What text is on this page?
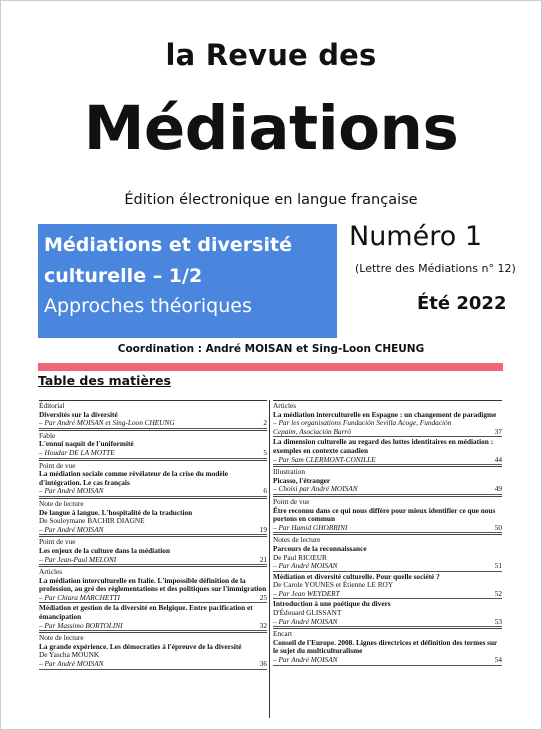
la Revue des
Médiations
Édition électronique en langue française
Médiations et diversité
culturelle – 1/2
Approches théoriques
Numéro 1
(Lettre des Médiations n° 12)
Été 2022
Coordination : André MOISAN et Sing-Loon CHEUNG
Table des matières
Éditorial
Diversités sur la diversité
– Par André MOISAN et Sing-Loon CHEUNG	2
Fable
L'ennui naquit de l'uniformité
– Houdar DE LA MOTTE	5
Point de vue
La médiation sociale comme révélateur de la crise du modèle d'intégration. Le cas français
– Par André MOISAN	6
Note de lecture
De langue à langue. L'hospitalité de la traduction
De Souleymane BACHIR DIAGNE
– Par André MOISAN	19
Point de vue
Les enjeux de la culture dans la médiation
– Par Jean-Paul MELONI	21
Articles
La médiation interculturelle en Italie. L'impossible définition de la profession, au gré des réglementations et des politiques sur l'immigration
– Par Chiara MARCHETTI	25
Médiation et gestion de la diversité en Belgique. Entre pacification et émancipation
– Par Massimo BORTOLINI	32
Note de lecture
La grande expérience. Les démocraties à l'épreuve de la diversité
De Yascha MOUNK
– Par André MOISAN	36
Articles
La médiation interculturelle en Espagne : un changement de paradigme
– Par les organisations Fundación Sevilla Acoge, Fundación Cepaim, Asociación Barró	37
La dimension culturelle au regard des luttes identitaires en médiation : exemples en contexte canadien
– Par Sam CLERMONT-CONILLE	44
Illustration
Picasso, l'étranger
– Choisi par André MOISAN	49
Point de vue
Être reconnu dans ce qui nous diffère pour mieux identifier ce que nous portons en commun
– Par Hamid GHOBRINI	50
Notes de lecture
Parcours de la reconnaissance
De Paul RICŒUR
– Par André MOISAN	51
Médiation et diversité culturelle. Pour quelle société ?
De Carole YOUNES et Étienne LE ROY
– Par Jean WEYDERT	52
Introduction à une poétique du divers
D'Édouard GLISSANT
– Par André MOISAN	53
Encart
Conseil de l'Europe. 2008. Lignes directrices et définition des termes sur le sujet du multiculturalisme
– Par André MOISAN	54
